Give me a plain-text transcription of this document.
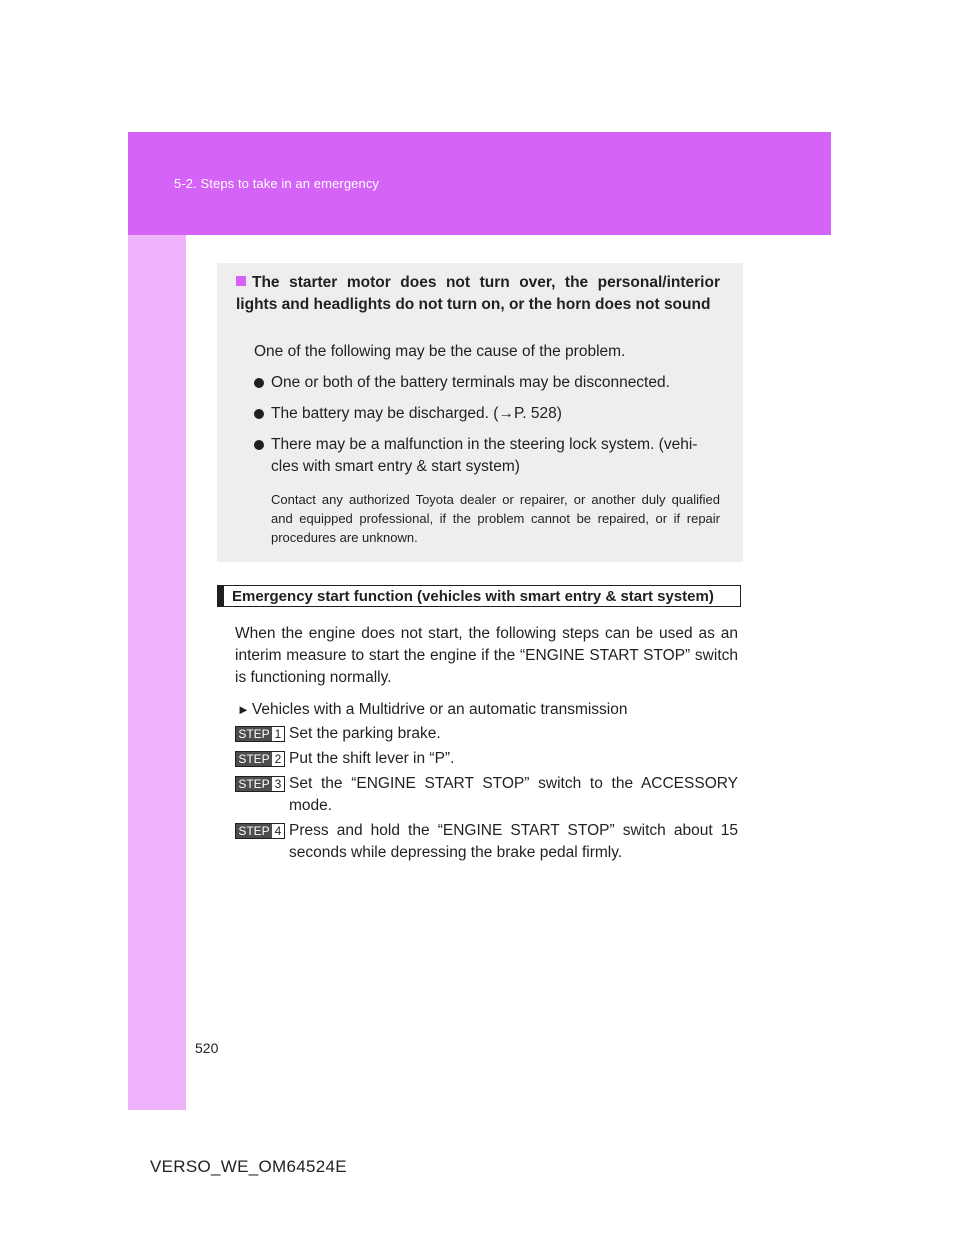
5-2. Steps to take in an emergency
The starter motor does not turn over, the personal/interior lights and headlights do not turn on, or the horn does not sound
One of the following may be the cause of the problem.
One or both of the battery terminals may be disconnected.
The battery may be discharged. (→P. 528)
There may be a malfunction in the steering lock system. (vehi-cles with smart entry & start system)
Contact any authorized Toyota dealer or repairer, or another duly qualified and equipped professional, if the problem cannot be repaired, or if repair procedures are unknown.
Emergency start function (vehicles with smart entry & start system)
When the engine does not start, the following steps can be used as an interim measure to start the engine if the “ENGINE START STOP” switch is functioning normally.
► Vehicles with a Multidrive or an automatic transmission
STEP 1 Set the parking brake.
STEP 2 Put the shift lever in “P”.
STEP 3 Set the “ENGINE START STOP” switch to the ACCESSORY mode.
STEP 4 Press and hold the “ENGINE START STOP” switch about 15 seconds while depressing the brake pedal firmly.
520
VERSO_WE_OM64524E
